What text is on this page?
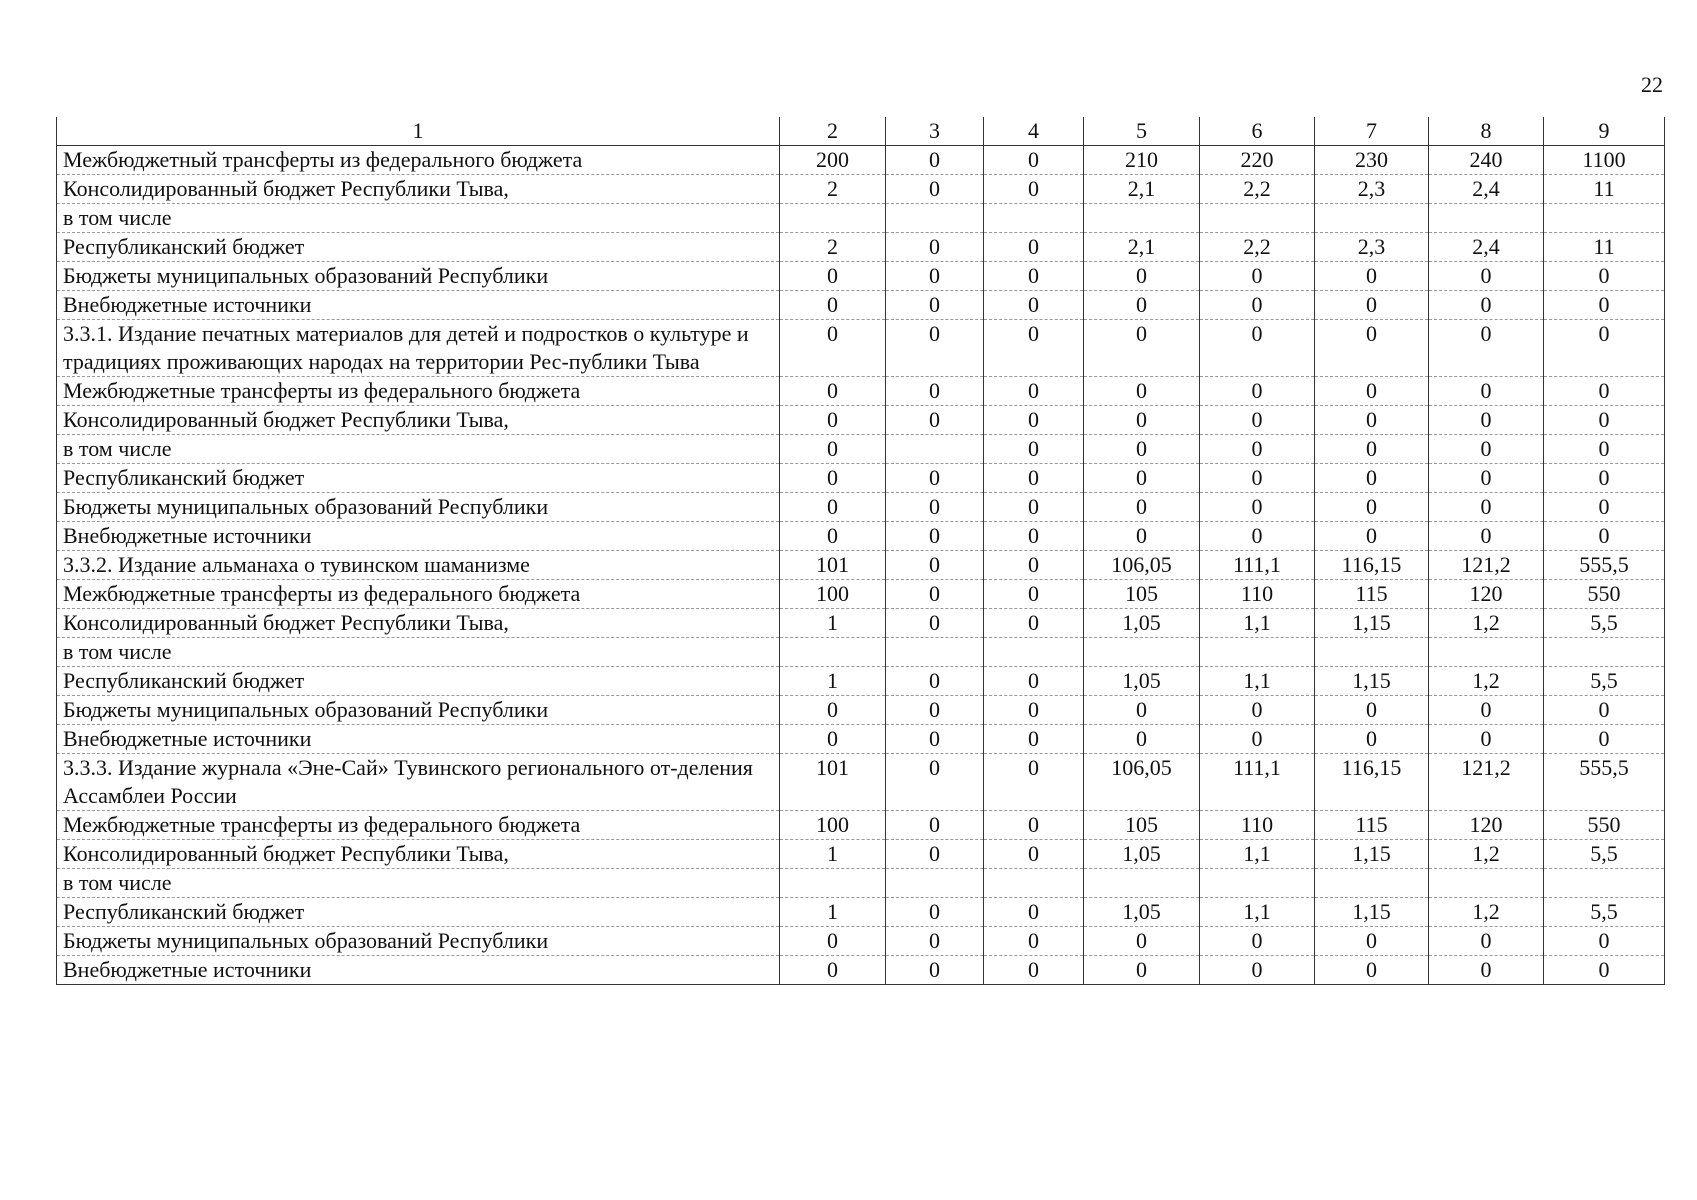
22
1	2	3	4	5	6	7	8	9
Межбюджетный трансферты из федерального бюджета	200	0	0	210	220	230	240	1100
Консолидированный бюджет Республики Тыва,	2	0	0	2,1	2,2	2,3	2,4	11
в том числе								
Республиканский бюджет	2	0	0	2,1	2,2	2,3	2,4	11
Бюджеты муниципальных образований Республики	0	0	0	0	0	0	0	0
Внебюджетные источники	0	0	0	0	0	0	0	0
3.3.1. Издание печатных материалов для детей и подростков о культуре и традициях проживающих народах на территории Рес-публики Тыва	0	0	0	0	0	0	0	0
Межбюджетные трансферты из федерального бюджета	0	0	0	0	0	0	0	0
Консолидированный бюджет Республики Тыва,	0	0	0	0	0	0	0	0
в том числе	0		0	0	0	0	0	0
Республиканский бюджет	0	0	0	0	0	0	0	0
Бюджеты муниципальных образований Республики	0	0	0	0	0	0	0	0
Внебюджетные источники	0	0	0	0	0	0	0	0
3.3.2. Издание альманаха о тувинском шаманизме	101	0	0	106,05	111,1	116,15	121,2	555,5
Межбюджетные трансферты из федерального бюджета	100	0	0	105	110	115	120	550
Консолидированный бюджет Республики Тыва,	1	0	0	1,05	1,1	1,15	1,2	5,5
в том числе								
Республиканский бюджет	1	0	0	1,05	1,1	1,15	1,2	5,5
Бюджеты муниципальных образований Республики	0	0	0	0	0	0	0	0
Внебюджетные источники	0	0	0	0	0	0	0	0
3.3.3. Издание журнала «Эне-Сай» Тувинского регионального от-деления Ассамблеи России	101	0	0	106,05	111,1	116,15	121,2	555,5
Межбюджетные трансферты из федерального бюджета	100	0	0	105	110	115	120	550
Консолидированный бюджет Республики Тыва,	1	0	0	1,05	1,1	1,15	1,2	5,5
в том числе								
Республиканский бюджет	1	0	0	1,05	1,1	1,15	1,2	5,5
Бюджеты муниципальных образований Республики	0	0	0	0	0	0	0	0
Внебюджетные источники	0	0	0	0	0	0	0	0
